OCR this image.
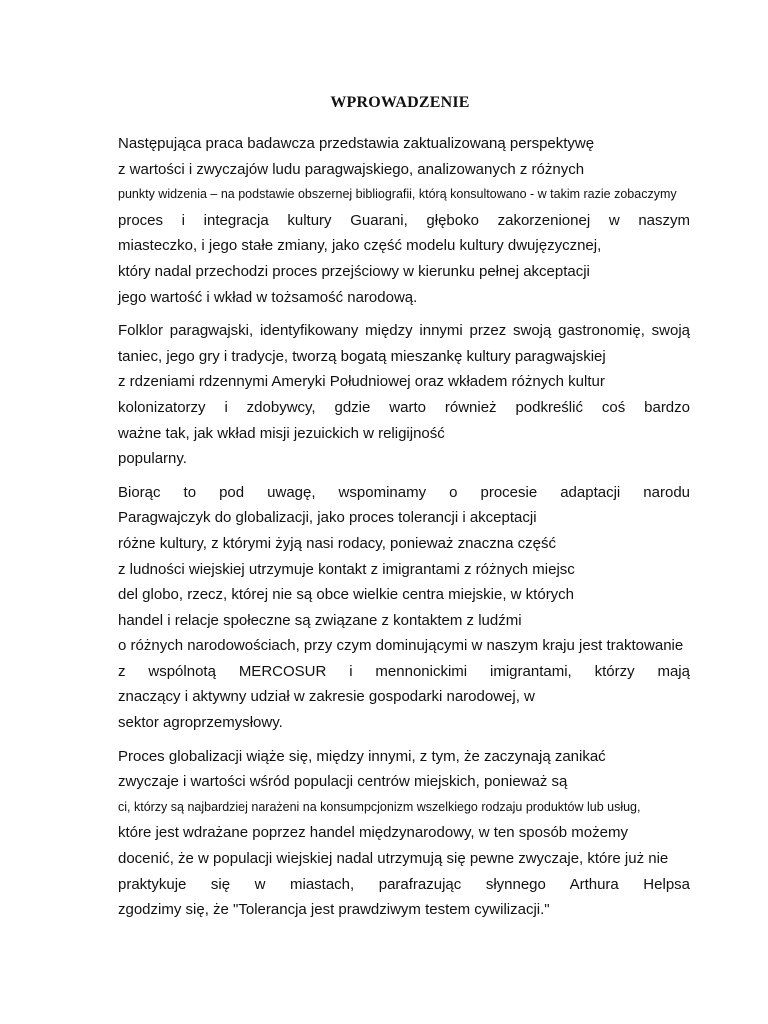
WPROWADZENIE
Następująca praca badawcza przedstawia zaktualizowaną perspektywę
z wartości i zwyczajów ludu paragwajskiego, analizowanych z różnych
punkty widzenia – na podstawie obszernej bibliografii, którą konsultowano - w takim razie zobaczymy
proces i integracja kultury Guarani, głęboko zakorzenionej w naszym
miasteczko, i jego stałe zmiany, jako część modelu kultury dwujęzycznej,
który nadal przechodzi proces przejściowy w kierunku pełnej akceptacji
jego wartość i wkład w tożsamość narodową.
Folklor paragwajski, identyfikowany między innymi przez swoją gastronomię, swoją
taniec, jego gry i tradycje, tworzą bogatą mieszankę kultury paragwajskiej
z rdzeniami rdzennymi Ameryki Południowej oraz wkładem różnych kultur
kolonizatorzy i zdobywcy, gdzie warto również podkreślić coś bardzo
ważne tak, jak wkład misji jezuickich w religijność
popularny.
Biorąc to pod uwagę, wspominamy o procesie adaptacji narodu
Paragwajczyk do globalizacji, jako proces tolerancji i akceptacji
różne kultury, z którymi żyją nasi rodacy, ponieważ znaczna część
z ludności wiejskiej utrzymuje kontakt z imigrantami z różnych miejsc
del globo, rzecz, której nie są obce wielkie centra miejskie, w których
handel i relacje społeczne są związane z kontaktem z ludźmi
o różnych narodowościach, przy czym dominującymi w naszym kraju jest traktowanie
z wspólnotą MERCOSUR i mennonickimi imigrantami, którzy mają
znaczący i aktywny udział w zakresie gospodarki narodowej, w
sektor agroprzemysłowy.
Proces globalizacji wiąże się, między innymi, z tym, że zaczynają zanikać
zwyczaje i wartości wśród populacji centrów miejskich, ponieważ są
ci, którzy są najbardziej narażeni na konsumpcjonizm wszelkiego rodzaju produktów lub usług,
które jest wdrażane poprzez handel międzynarodowy, w ten sposób możemy
docenić, że w populacji wiejskiej nadal utrzymują się pewne zwyczaje, które już nie
praktykuje się w miastach, parafrazując słynnego Arthura Helpsa
zgodzimy się, że "Tolerancja jest prawdziwym testem cywilizacji."
